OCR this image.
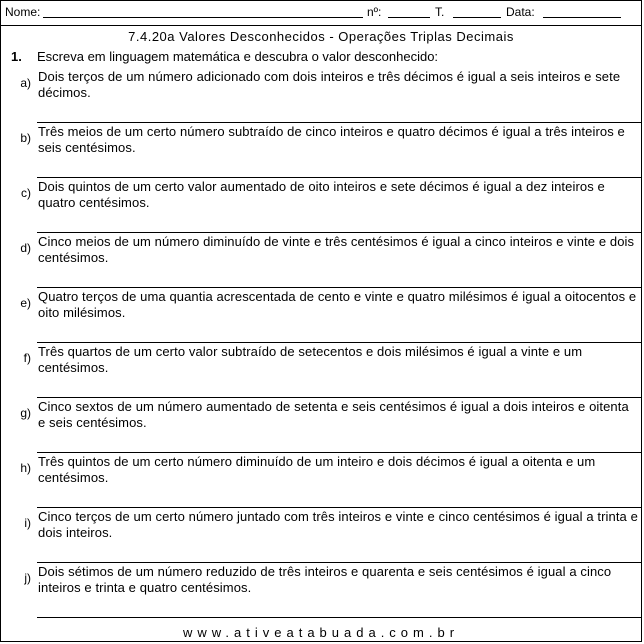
Nome:	nº:	T.	Data:
7.4.20a Valores Desconhecidos - Operações Triplas Decimais
1. Escreva em linguagem matemática e descubra o valor desconhecido:
a) Dois terços de um número adicionado com dois inteiros e três décimos é igual a seis inteiros e sete décimos.
b) Três meios de um certo número subtraído de cinco inteiros e quatro décimos é igual a três inteiros e seis centésimos.
c) Dois quintos de um certo valor aumentado de oito inteiros e sete décimos é igual a dez inteiros e quatro centésimos.
d) Cinco meios de um número diminuído de vinte e três centésimos é igual a cinco inteiros e vinte e dois centésimos.
e) Quatro terços de uma quantia acrescentada de cento e vinte e quatro milésimos é igual a oitocentos e oito milésimos.
f) Três quartos de um certo valor subtraído de setecentos e dois milésimos é igual a vinte e um centésimos.
g) Cinco sextos de um número aumentado de setenta e seis centésimos é igual a dois inteiros e oitenta e seis centésimos.
h) Três quintos de um certo número diminuído de um inteiro e dois décimos é igual a oitenta e um centésimos.
i) Cinco terços de um certo número juntado com três inteiros e vinte e cinco centésimos é igual a trinta e dois inteiros.
j) Dois sétimos de um número reduzido de três inteiros e quarenta e seis centésimos é igual a cinco inteiros e trinta e quatro centésimos.
www.ativeatabuada.com.br
